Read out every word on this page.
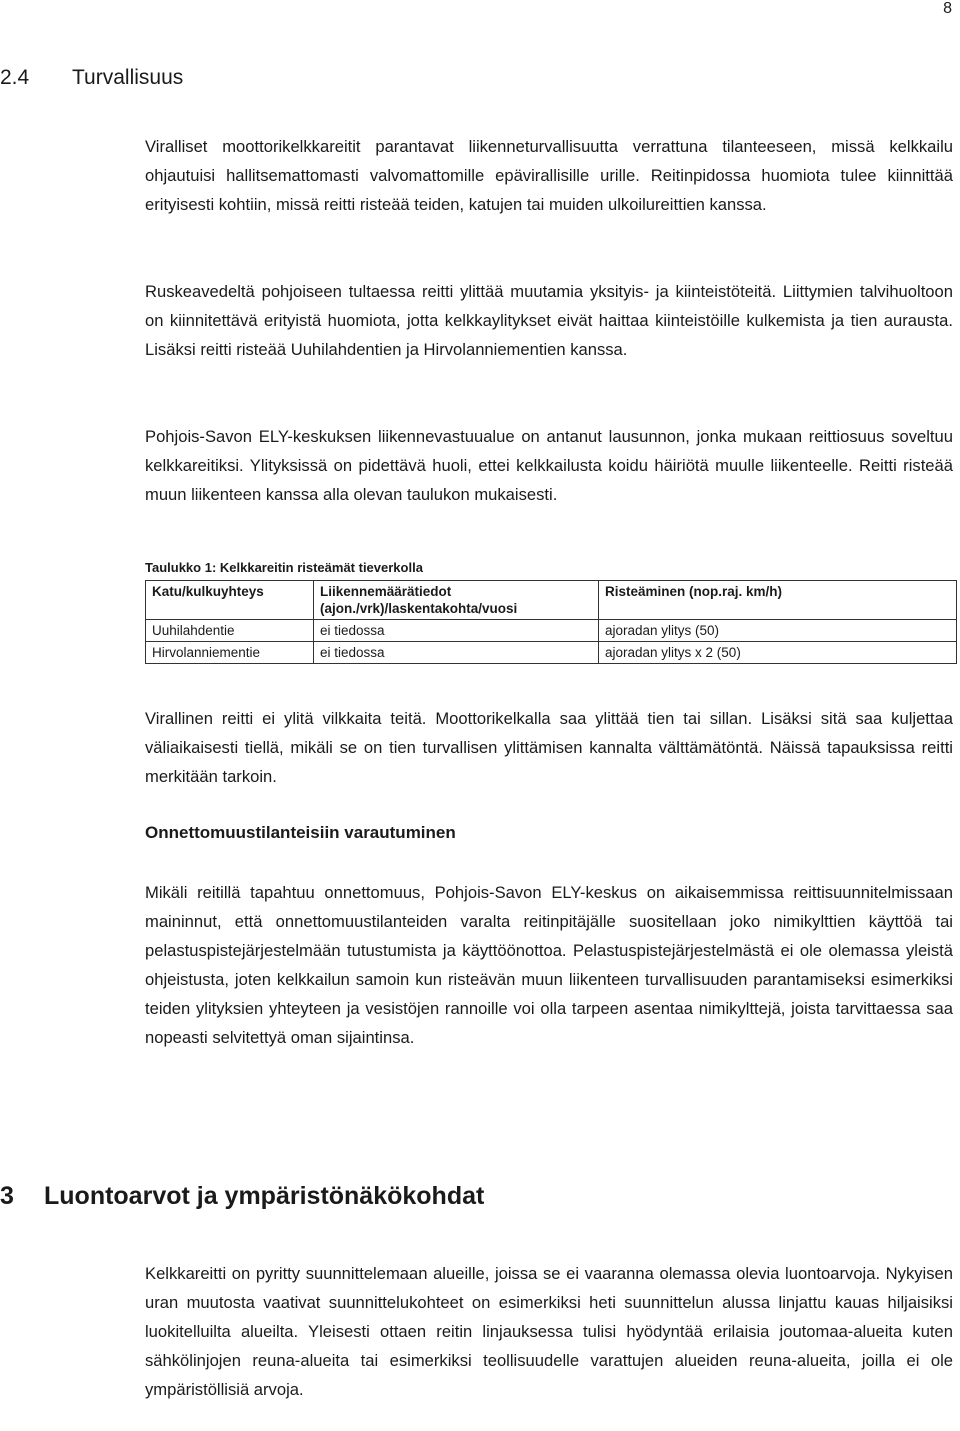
8
2.4 Turvallisuus

Viralliset moottorikelkkareitit parantavat liikenneturvallisuutta verrattuna tilanteeseen, missä kelkkailu ohjautuisi hallitsemattomasti valvomattomille epävirallisille urille. Reitinpidossa huomiota tulee kiinnittää erityisesti kohtiin, missä reitti risteää teiden, katujen tai muiden ulkoilureittien kanssa.

Ruskeavedeltä pohjoiseen tultaessa reitti ylittää muutamia yksityis- ja kiinteistöteitä. Liittymien talvihuoltoon on kiinnitettävä erityistä huomiota, jotta kelkkaylitykset eivät haittaa kiinteistöille kulkemista ja tien aurausta. Lisäksi reitti risteää Uuhilahdentien ja Hirvolanniementien kanssa.

Pohjois-Savon ELY-keskuksen liikennevastuualue on antanut lausunnon, jonka mukaan reittiosuus soveltuu kelkkareitiksi. Ylityksissä on pidettävä huoli, ettei kelkkailusta koidu häiriötä muulle liikenteelle. Reitti risteää muun liikenteen kanssa alla olevan taulukon mukaisesti.

Taulukko 1: Kelkkareitin risteämät tieverkolla
Katu/kulkuyhteys	Liikennemäärätiedot (ajon./vrk)/laskentakohta/vuosi	Risteäminen (nop.raj. km/h)
Uuhilahdentie	ei tiedossa	ajoradan ylitys (50)
Hirvolanniementie	ei tiedossa	ajoradan ylitys x 2 (50)

Virallinen reitti ei ylitä vilkkaita teitä. Moottorikelkalla saa ylittää tien tai sillan. Lisäksi sitä saa kuljettaa väliaikaisesti tiellä, mikäli se on tien turvallisen ylittämisen kannalta välttämätöntä. Näissä tapauksissa reitti merkitään tarkoin.

Onnettomuustilanteisiin varautuminen

Mikäli reitillä tapahtuu onnettomuus, Pohjois-Savon ELY-keskus on aikaisemmissa reittisuunnitelmissaan maininnut, että onnettomuustilanteiden varalta reitinpitäjälle suositellaan joko nimikylttien käyttöä tai pelastuspistejärjestelmään tutustumista ja käyttöönottoa. Pelastuspistejärjestelmästä ei ole olemassa yleistä ohjeistusta, joten kelkkailun samoin kun risteävän muun liikenteen turvallisuuden parantamiseksi esimerkiksi teiden ylityksien yhteyteen ja vesistöjen rannoille voi olla tarpeen asentaa nimikylttejä, joista tarvittaessa saa nopeasti selvitettyä oman sijaintinsa.

3 Luontoarvot ja ympäristönäkökohdat

Kelkkareitti on pyritty suunnittelemaan alueille, joissa se ei vaaranna olemassa olevia luontoarvoja. Nykyisen uran muutosta vaativat suunnittelukohteet on esimerkiksi heti suunnittelun alussa linjattu kauas hiljaisiksi luokitelluilta alueilta. Yleisesti ottaen reitin linjauksessa tulisi hyödyntää erilaisia joutomaa-alueita kuten sähkölinjojen reuna-alueita tai esimerkiksi teollisuudelle varattujen alueiden reuna-alueita, joilla ei ole ympäristöllisiä arvoja.
